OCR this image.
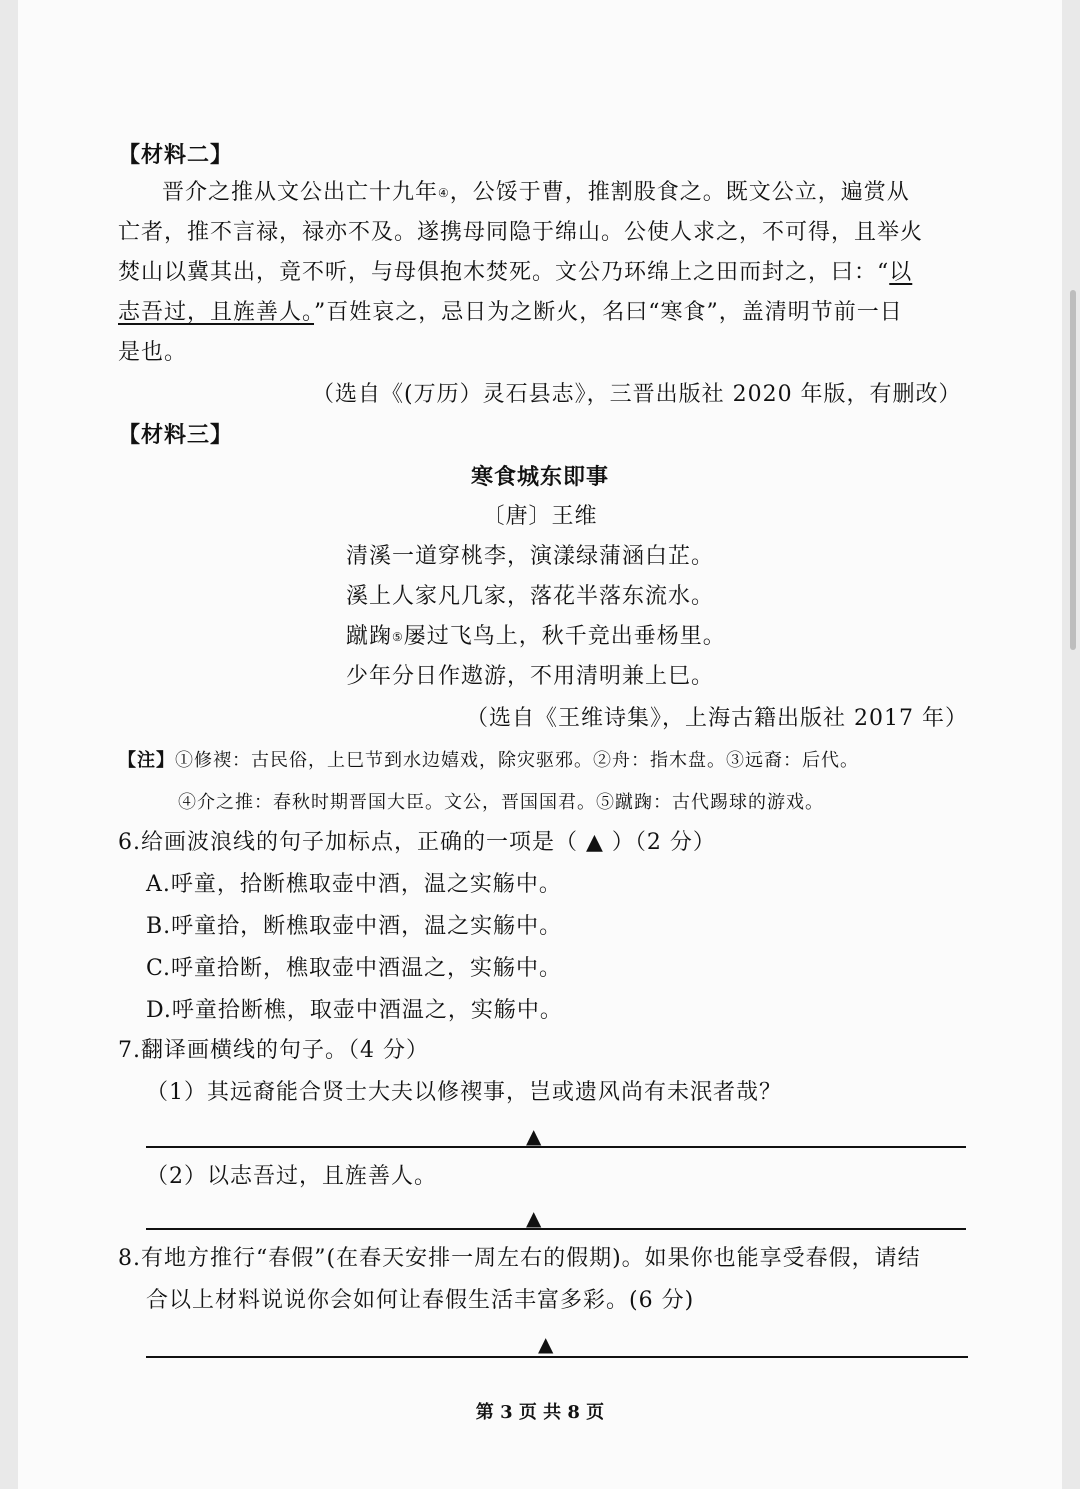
【材料二】
晋介之推从文公出亡十九年④，公馁于曹，推割股食之。既文公立，遍赏从
亡者，推不言禄，禄亦不及。遂携母同隐于绵山。公使人求之，不可得，且举火
焚山以冀其出，竟不听，与母俱抱木焚死。文公乃环绵上之田而封之，曰：“以
志吾过，且旌善人。”百姓哀之，忌日为之断火，名曰“寒食”，盖清明节前一日
是也。
（选自《(万历）灵石县志》，三晋出版社 2020 年版，有删改）
【材料三】
寒食城东即事
〔唐〕王维
清溪一道穿桃李，演漾绿蒲涵白芷。
溪上人家凡几家，落花半落东流水。
蹴踘⑤屡过飞鸟上，秋千竞出垂杨里。
少年分日作遨游，不用清明兼上巳。
（选自《王维诗集》，上海古籍出版社 2017 年）
【注】①修禊：古民俗，上巳节到水边嬉戏，除灾驱邪。②舟：指木盘。③远裔：后代。
④介之推：春秋时期晋国大臣。文公，晋国国君。⑤蹴踘：古代踢球的游戏。
6.给画波浪线的句子加标点，正确的一项是（ ▲ ）（2 分）
A.呼童，拾断樵取壶中酒，温之实觞中。
B.呼童拾，断樵取壶中酒，温之实觞中。
C.呼童拾断，樵取壶中酒温之，实觞中。
D.呼童拾断樵，取壶中酒温之，实觞中。
7.翻译画横线的句子。（4 分）
（1）其远裔能合贤士大夫以修禊事，岂或遗风尚有未泯者哉？
▲
（2）以志吾过，且旌善人。
▲
8.有地方推行“春假”(在春天安排一周左右的假期)。如果你也能享受春假，请结
合以上材料说说你会如何让春假生活丰富多彩。(6 分)
▲
第 3 页 共 8 页
